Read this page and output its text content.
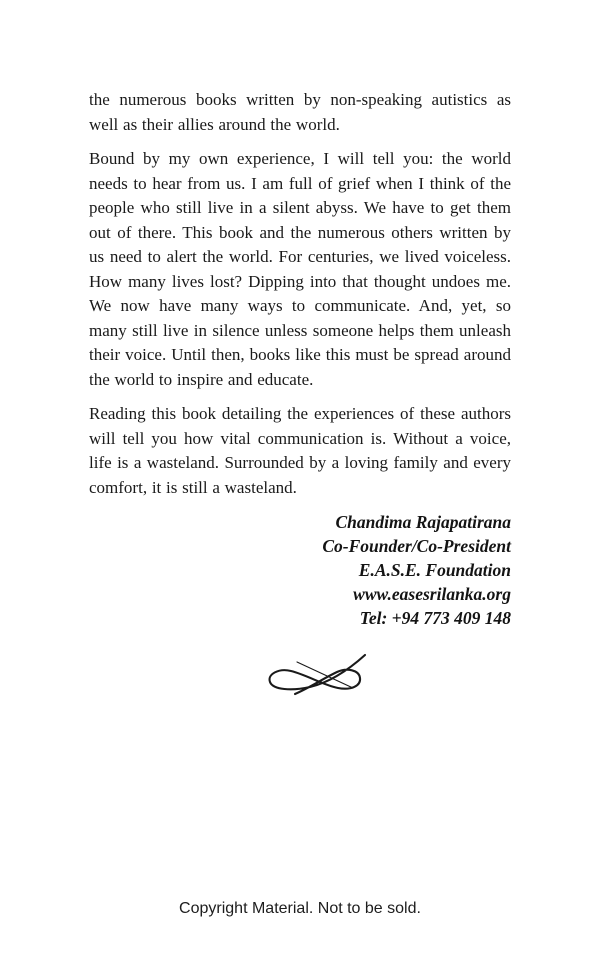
the numerous books written by non-speaking autistics as well as their allies around the world.

Bound by my own experience, I will tell you: the world needs to hear from us. I am full of grief when I think of the people who still live in a silent abyss. We have to get them out of there. This book and the numerous others written by us need to alert the world. For centuries, we lived voiceless. How many lives lost? Dipping into that thought undoes me. We now have many ways to communicate. And, yet, so many still live in silence unless someone helps them unleash their voice. Until then, books like this must be spread around the world to inspire and educate.

Reading this book detailing the experiences of these authors will tell you how vital communication is. Without a voice, life is a wasteland. Surrounded by a loving family and every comfort, it is still a wasteland.

Chandima Rajapatirana
Co-Founder/Co-President
E.A.S.E. Foundation
www.easesrilanka.org
Tel: +94 773 409 148
Copyright Material. Not to be sold.
